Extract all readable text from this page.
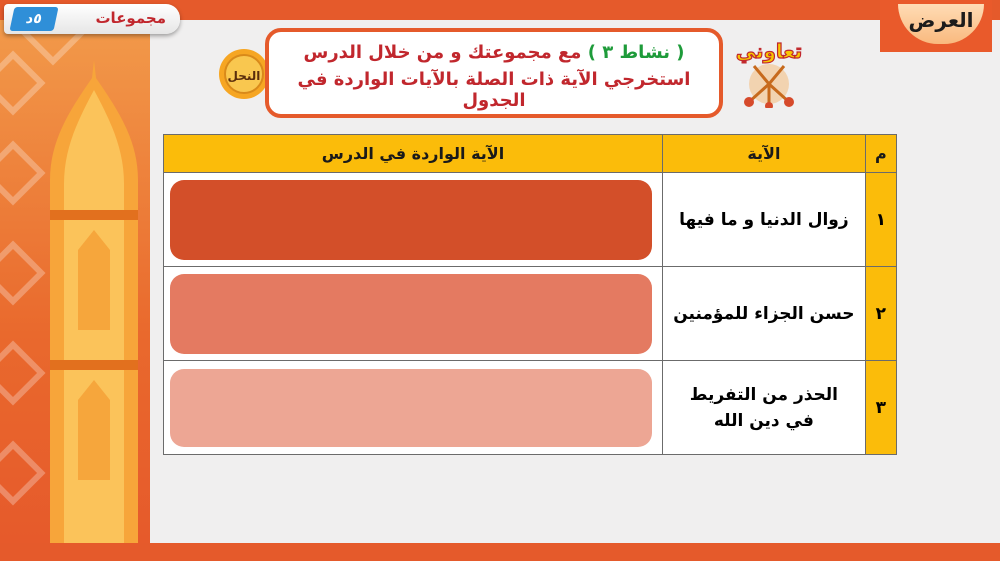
٥د	مجموعات	العرض
النحل
( نشاط ٣ ) مع مجموعتك و من خلال الدرس
استخرجي الآية ذات الصلة بالآيات الواردة في الجدول
تعاوني
م	الآية	الآية الواردة في الدرس
١	زوال الدنيا و ما فيها	

٢	حسن الجزاء للمؤمنين	

٣	الحذر من التفريط في دين الله	
